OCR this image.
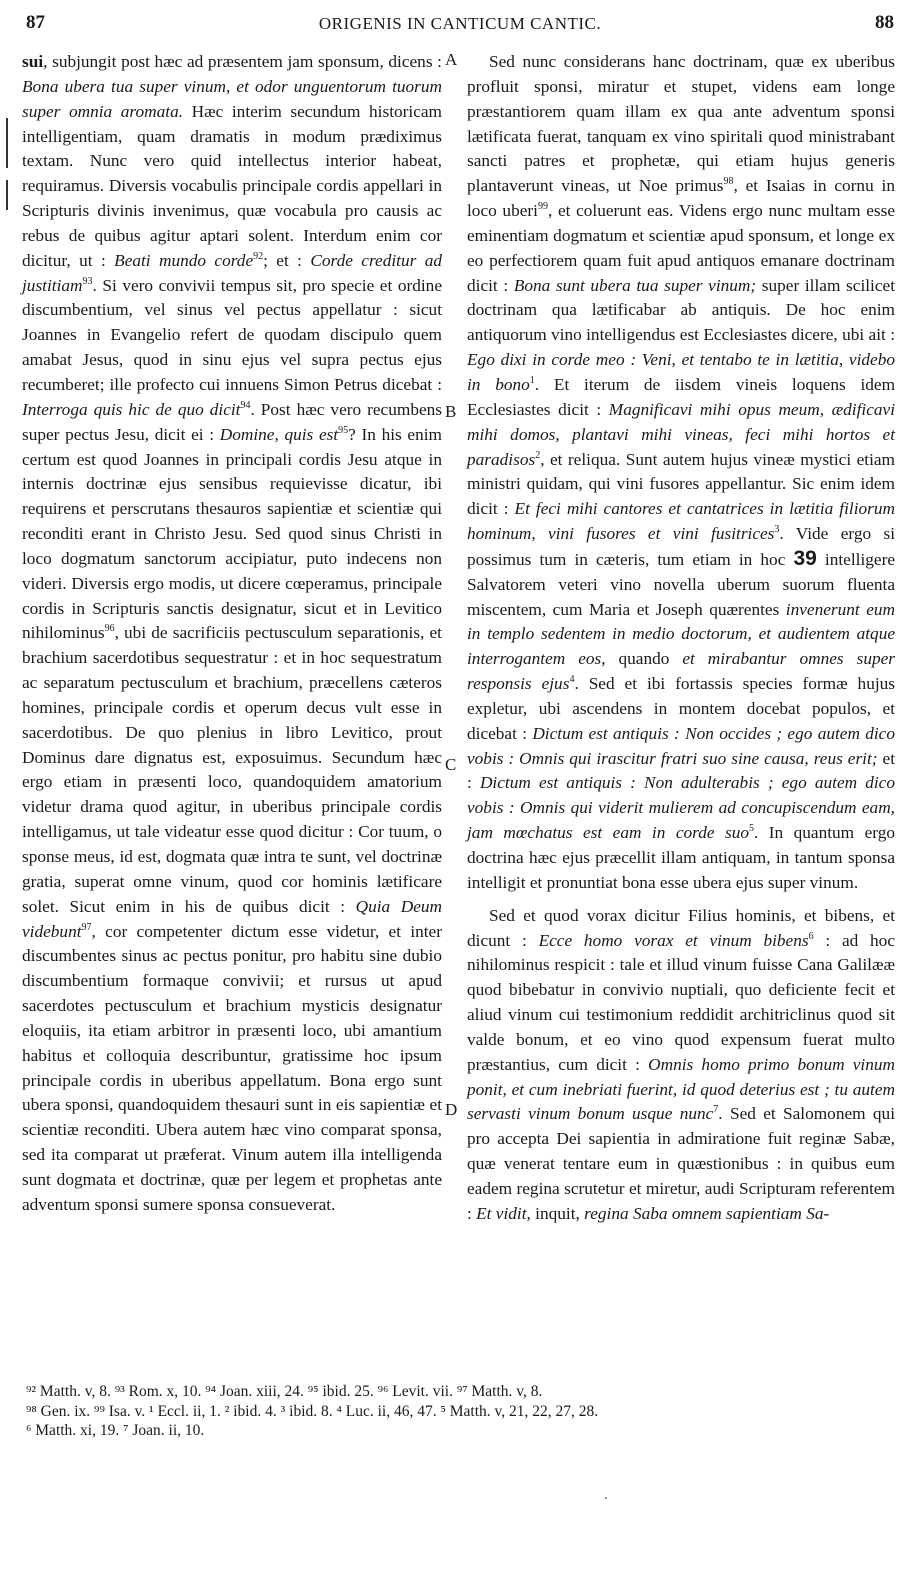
87	ORIGENIS IN CANTICUM CANTIC.	88

sui, subjungit post hæc ad præsentem jam sponsum, dicens : Bona ubera tua super vinum, et odor unguentorum tuorum super omnia aromata. Hæc interim secundum historicam intelligentiam, quam dramatis in modum prædiximus textam. Nunc vero quid intellectus interior habeat, requiramus. Diversis vocabulis principale cordis appellari in Scripturis divinis invenimus, quæ vocabula pro causis ac rebus de quibus agitur aptari solent. Interdum enim cor dicitur, ut : Beati mundo corde$^{92}$; et : Corde creditur ad justitiam$^{93}$. Si vero convivii tempus sit, pro specie et ordine discumbentium, vel sinus vel pectus appellatur : sicut Joannes in Evangelio refert de quodam discipulo quem amabat Jesus, quod in sinu ejus vel supra pectus ejus recumberet; ille profecto cui innuens Simon Petrus dicebat : Interroga quis hic de quo dicit$^{94}$. Post hæc vero recumbens super pectus Jesu, dicit ei : Domine, quis est$^{95}$? In his enim certum est quod Joannes in principali cordis Jesu atque in internis doctrinæ ejus sensibus requievisse dicatur, ibi requirens et perscrutans thesauros sapientiæ et scientiæ qui reconditi erant in Christo Jesu. Sed quod sinus Christi in loco dogmatum sanctorum accipiatur, puto indecens non videri. Diversis ergo modis, ut dicere cœperamus, principale cordis in Scripturis sanctis designatur, sicut et in Levitico nihilominus$^{96}$, ubi de sacrificiis pectusculum separationis, et brachium sacerdotibus sequestratur : et in hoc sequestratum ac separatum pectusculum et brachium, præcellens cæteros homines, principale cordis et operum decus vult esse in sacerdotibus. De quo plenius in libro Levitico, prout Dominus dare dignatus est, exposuimus. Secundum hæc ergo etiam in præsenti loco, quandoquidem amatorium videtur drama quod agitur, in uberibus principale cordis intelligamus, ut tale videatur esse quod dicitur : Cor tuum, o sponse meus, id est, dogmata quæ intra te sunt, vel doctrinæ gratia, superat omne vinum, quod cor hominis lætificare solet. Sicut enim in his de quibus dicit : Quia Deum videbunt$^{97}$, cor competenter dictum esse videtur, et inter discumbentes sinus ac pectus ponitur, pro habitu sine dubio discumbentium formaque convivii; et rursus ut apud sacerdotes pectusculum et brachium mysticis designatur eloquiis, ita etiam arbitror in præsenti loco, ubi amantium habitus et colloquia describuntur, gratissime hoc ipsum principale cordis in uberibus appellatum. Bona ergo sunt ubera sponsi, quandoquidem thesauri sunt in eis sapientiæ et scientiæ reconditi. Ubera autem hæc vino comparat sponsa, sed ita comparat ut præferat. Vinum autem illa intelligenda sunt dogmata et doctrinæ, quæ per legem et prophetas ante adventum sponsi sumere sponsa consueverat.

A
B
C
D

Sed nunc considerans hanc doctrinam, quæ ex uberibus profluit sponsi, miratur et stupet, videns eam longe præstantiorem quam illam ex qua ante adventum sponsi lætificata fuerat, tanquam ex vino spiritali quod ministrabant sancti patres et prophetæ, qui etiam hujus generis plantaverunt vineas, ut Noe primus$^{98}$, et Isaias in cornu in loco uberi$^{99}$, et coluerunt eas. Videns ergo nunc multam esse eminentiam dogmatum et scientiæ apud sponsum, et longe ex eo perfectiorem quam fuit apud antiquos emanare doctrinam dicit : Bona sunt ubera tua super vinum; super illam scilicet doctrinam qua lætificabar ab antiquis. De hoc enim antiquorum vino intelligendus est Ecclesiastes dicere, ubi ait : Ego dixi in corde meo : Veni, et tentabo te in lætitia, videbo in bono$^1$. Et iterum de iisdem vineis loquens idem Ecclesiastes dicit : Magnificavi mihi opus meum, ædificavi mihi domos, plantavi mihi vineas, feci mihi hortos et paradisos$^2$, et reliqua. Sunt autem hujus vineæ mystici etiam ministri quidam, qui vini fusores appellantur. Sic enim idem dicit : Et feci mihi cantores et cantatrices in lætitia filiorum hominum, vini fusores et vini fusitrices$^3$. Vide ergo si possimus tum in cæteris, tum etiam in hoc 39 intelligere Salvatorem veteri vino novella uberum suorum fluenta miscentem, cum Maria et Joseph quærentes invenerunt eum in templo sedentem in medio doctorum, et audientem atque interrogantem eos, quando et mirabantur omnes super responsis ejus$^4$. Sed et ibi fortassis species formæ hujus expletur, ubi ascendens in montem docebat populos, et dicebat : Dictum est antiquis : Non occides ; ego autem dico vobis : Omnis qui irascitur fratri suo sine causa, reus erit; et : Dictum est antiquis : Non adulterabis ; ego autem dico vobis : Omnis qui viderit mulierem ad concupiscendum eam, jam mœchatus est eam in corde suo$^5$. In quantum ergo doctrina hæc ejus præcellit illam antiquam, in tantum sponsa intelligit et pronuntiat bona esse ubera ejus super vinum.

Sed et quod vorax dicitur Filius hominis, et bibens, et dicunt : Ecce homo vorax et vinum bibens$^6$ : ad hoc nihilominus respicit : tale et illud vinum fuisse Cana Galilææ quod bibebatur in convivio nuptiali, quo deficiente fecit et aliud vinum cui testimonium reddidit architriclinus quod sit valde bonum, et eo vino quod expensum fuerat multo præstantius, cum dicit : Omnis homo primo bonum vinum ponit, et cum inebriati fuerint, id quod deterius est ; tu autem servasti vinum bonum usque nunc$^7$. Sed et Salomonem qui pro accepta Dei sapientia in admiratione fuit reginæ Sabæ, quæ venerat tentare eum in quæstionibus : in quibus eum eadem regina scrutetur et miretur, audi Scripturam referentem : Et vidit, inquit, regina Saba omnem sapientiam Sa-

⁹² Matth. v, 8. ⁹³ Rom. x, 10. ⁹⁴ Joan. xiii, 24. ⁹⁵ ibid. 25. ⁹⁶ Levit. vii. ⁹⁷ Matth. v, 8.
⁹⁸ Gen. ix. ⁹⁹ Isa. v. ¹ Eccl. ii, 1. ² ibid. 4. ³ ibid. 8. ⁴ Luc. ii, 46, 47. ⁵ Matth. v, 21, 22, 27, 28.
⁶ Matth. xi, 19. ⁷ Joan. ii, 10.
